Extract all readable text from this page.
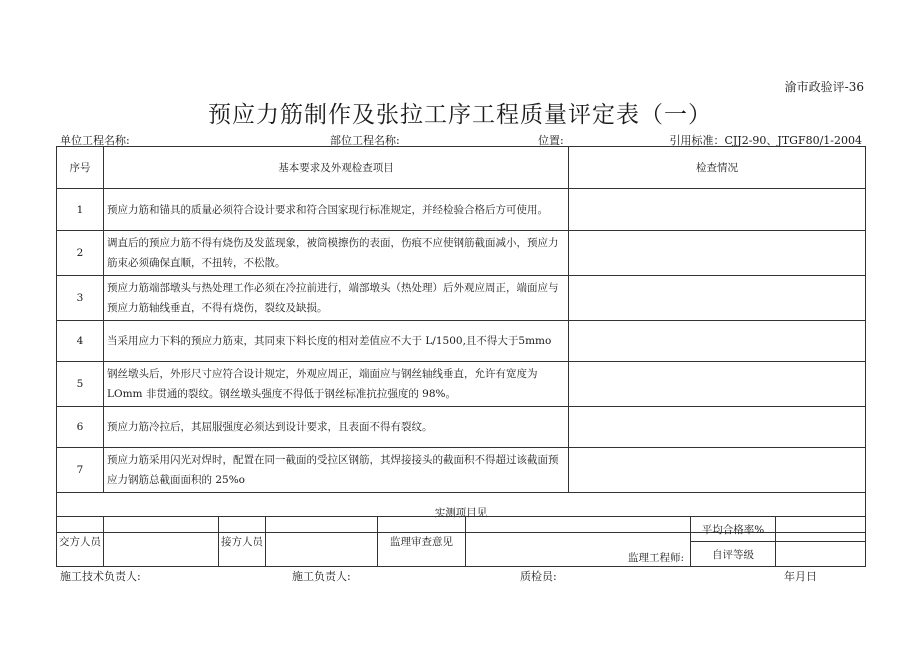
渝市政验评-36
预应力筋制作及张拉工序工程质量评定表（一）
单位工程名称:	部位工程名称:	位置:	引用标准：CJJ2-90、JTGF80/1-2004
序号	基本要求及外观检查项目	检查情况
1	预应力筋和锚具的质量必须符合设计要求和符合国家现行标准规定，并经检验合格后方可使用。	
2	调直后的预应力筋不得有烧伤及发蓝现象，被筒模擦伤的表面，伤痕不应使钢筋截面减小，预应力筋束必须确保直顺，不扭转，不松散。	
3	预应力筋端部墩头与热处理工作必须在冷拉前进行，端部墩头（热处理）后外观应周正，端面应与预应力筋轴线垂直，不得有烧伤，裂纹及缺损。	
4	当采用应力下料的预应力筋束，其同束下料长度的相对差值应不大于 L/1500,且不得大于5mmo	
5	钢丝墩头后，外形尺寸应符合设计规定，外观应周正，端面应与钢丝轴线垂直，允许有宽度为LOmm 非贯通的裂纹。钢丝墩头强度不得低于钢丝标准抗拉强度的 98%。	
6	预应力筋冷拉后，其屈服强度必须达到设计要求，且表面不得有裂纹。	
7	预应力筋采用闪光对焊时，配置在同一截面的受拉区钢筋，其焊接接头的截面积不得超过该截面预应力钢筋总截面面积的 25%o	
实测项目见		
交方人员		接方人员		监理审查意见	监理工程师:	平均合格率%	
						自评等级	
施工技术负责人:	施工负责人:	质检员:	年月日
